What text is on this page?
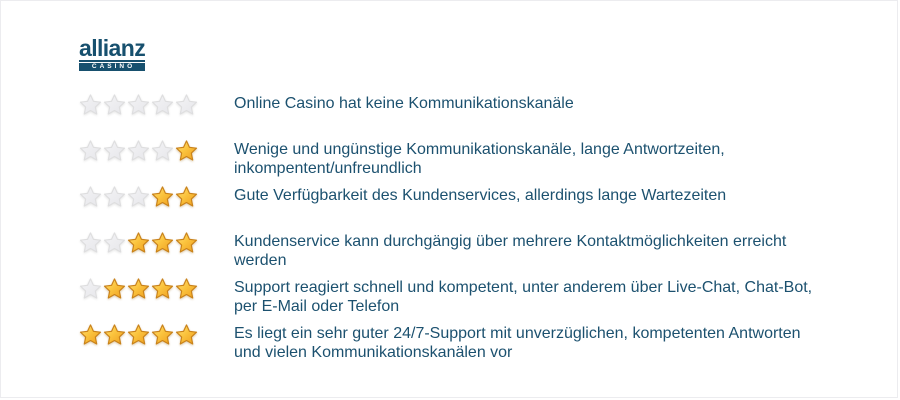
allianz
CASINO
Online Casino hat keine Kommunikationskanäle
Wenige und ungünstige Kommunikationskanäle, lange Antwortzeiten,
inkompentent/unfreundlich
Gute Verfügbarkeit des Kundenservices, allerdings lange Wartezeiten
Kundenservice kann durchgängig über mehrere Kontaktmöglichkeiten erreicht
werden
Support reagiert schnell und kompetent, unter anderem über Live-Chat, Chat-Bot,
per E-Mail oder Telefon
Es liegt ein sehr guter 24/7-Support mit unverzüglichen, kompetenten Antworten
und vielen Kommunikationskanälen vor
